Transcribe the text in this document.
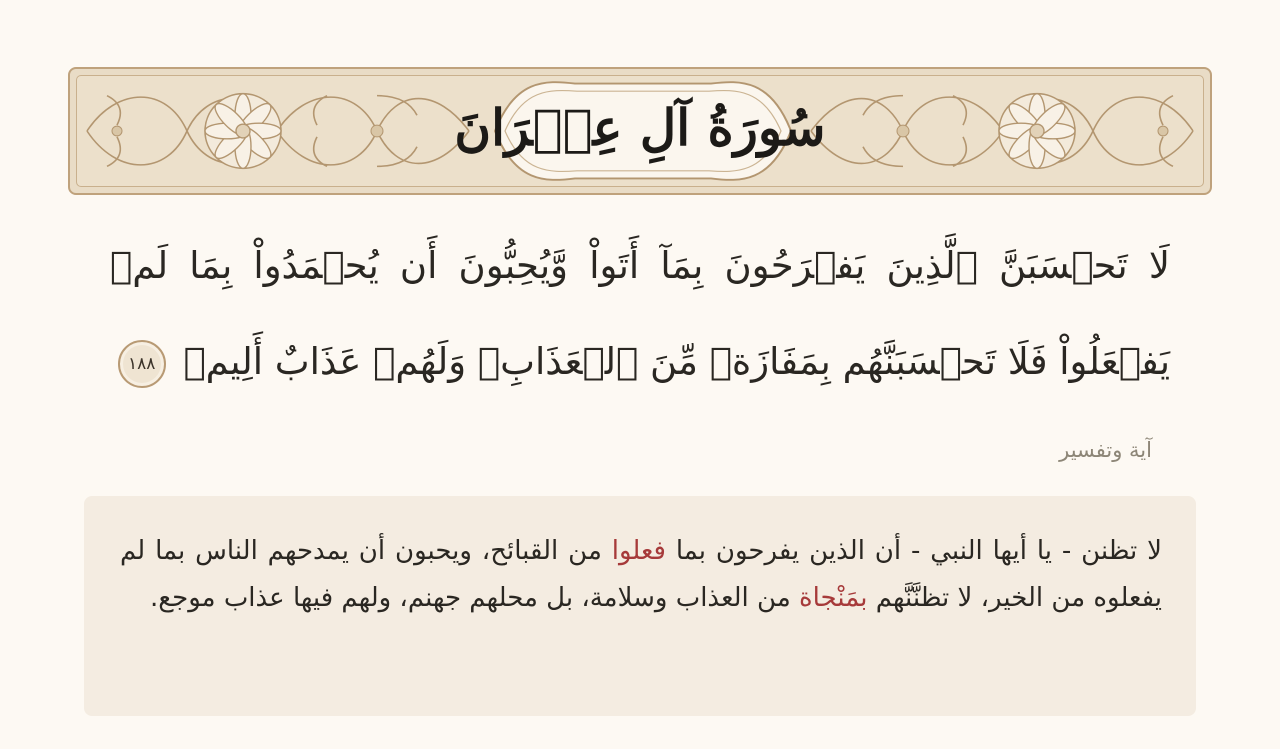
سُورَةُ آلِ عِمۡرَانَ
لَا تَحۡسَبَنَّ ٱلَّذِينَ يَفۡرَحُونَ بِمَآ أَتَواْ وَّيُحِبُّونَ أَن يُحۡمَدُواْ بِمَا لَمۡ يَفۡعَلُواْ فَلَا تَحۡسَبَنَّهُم بِمَفَازَةٖ مِّنَ ٱلۡعَذَابِۖ وَلَهُمۡ عَذَابٌ أَلِيمٞ ١٨٨
آية وتفسير
لا تظنن - يا أيها النبي - أن الذين يفرحون بما فعلوا من القبائح، ويحبون أن يمدحهم الناس بما لم يفعلوه من الخير، لا تظنَّنَّهم بمَنْجاة من العذاب وسلامة، بل محلهم جهنم، ولهم فيها عذاب موجع.
